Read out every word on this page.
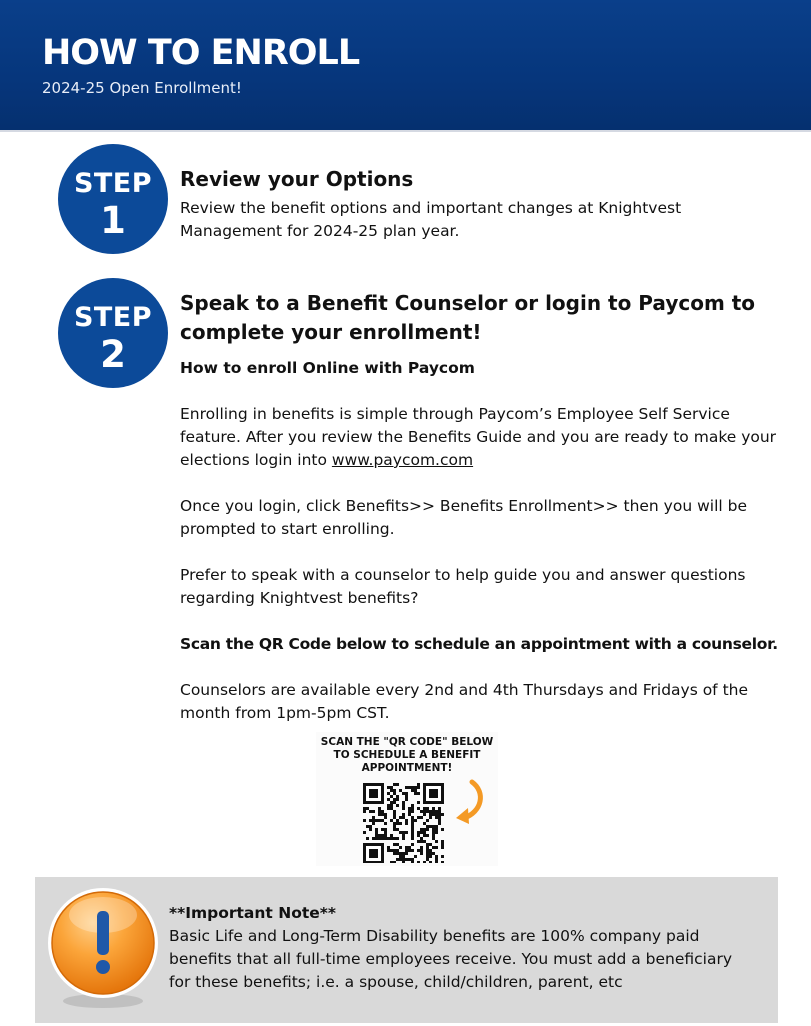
HOW TO ENROLL
2024-25 Open Enrollment!
STEP
1
Review your Options
Review the benefit options and important changes at Knightvest
Management for 2024-25 plan year.
STEP
2
Speak to a Benefit Counselor or login to Paycom to
complete your enrollment!
How to enroll Online with Paycom
Enrolling in benefits is simple through Paycom’s Employee Self Service
feature. After you review the Benefits Guide and you are ready to make your
elections login into www.paycom.com
Once you login, click Benefits>> Benefits Enrollment>> then you will be
prompted to start enrolling.
Prefer to speak with a counselor to help guide you and answer questions
regarding Knightvest benefits?
Scan the QR Code below to schedule an appointment with a counselor.
Counselors are available every 2nd and 4th Thursdays and Fridays of the
month from 1pm-5pm CST.
SCAN THE "QR CODE" BELOW
TO SCHEDULE A BENEFIT
APPOINTMENT!
**Important Note**
Basic Life and Long-Term Disability benefits are 100% company paid
benefits that all full-time employees receive. You must add a beneficiary
for these benefits; i.e. a spouse, child/children, parent, etc
